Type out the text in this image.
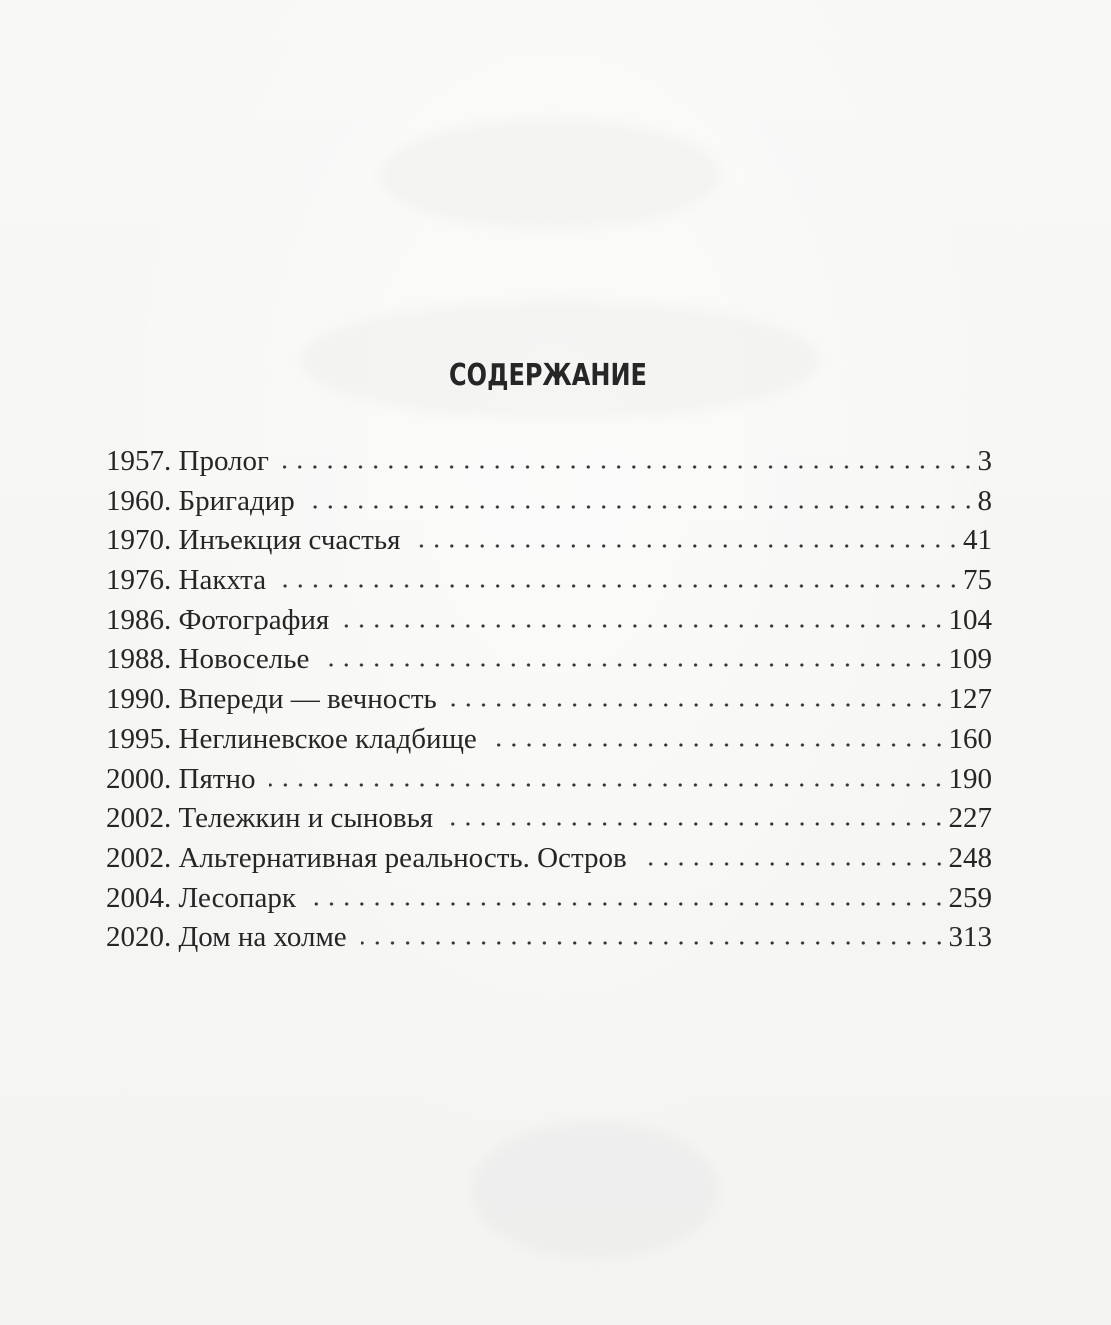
СОДЕРЖАНИЕ
1957. Пролог	3
1960. Бригадир	8
1970. Инъекция счастья	41
1976. Накхта	75
1986. Фотография	104
1988. Новоселье	109
1990. Впереди — вечность	127
1995. Неглиневское кладбище	160
2000. Пятно	190
2002. Тележкин и сыновья	227
2002. Альтернативная реальность. Остров	248
2004. Лесопарк	259
2020. Дом на холме	313
